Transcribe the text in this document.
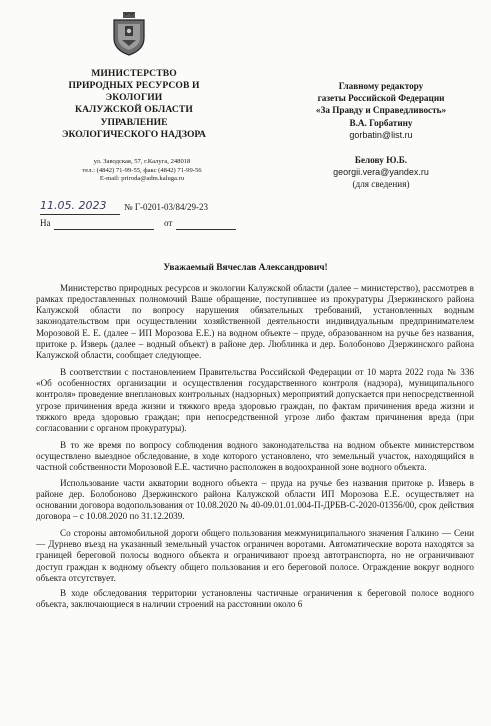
МИНИСТЕРСТВО
ПРИРОДНЫХ РЕСУРСОВ И ЭКОЛОГИИ
КАЛУЖСКОЙ ОБЛАСТИ
УПРАВЛЕНИЕ
ЭКОЛОГИЧЕСКОГО НАДЗОРА
ул. Заводская, 57, г.Калуга, 248018
тел.: (4842) 71-99-55, факс (4842) 71-99-56
E-mail: priroda@adm.kaluga.ru
11.05. 2023 № Г-0201-03/84/29-23
На	от
Главному редактору
газеты Российской Федерации
«За Правду и Справедливость»
В.А. Горбатину
gorbatin@list.ru
Белову Ю.Б.
georgii.vera@yandex.ru
(для сведения)
Уважаемый Вячеслав Александрович!

Министерство природных ресурсов и экологии Калужской области (далее – министерство), рассмотрев в рамках предоставленных полномочий Ваше обращение, поступившее из прокуратуры Дзержинского района Калужской области по вопросу нарушения обязательных требований, установленных водным законодательством при осуществлении хозяйственной деятельности индивидуальным предпринимателем Морозовой Е. Е. (далее – ИП Морозова Е.Е.) на водном объекте – пруде, образованном на ручье без названия, притоке р. Изверь (далее – водный объект) в районе дер. Люблинка и дер. Болобоново Дзержинского района Калужской области, сообщает следующее.

В соответствии с постановлением Правительства Российской Федерации от 10 марта 2022 года № 336 «Об особенностях организации и осуществления государственного контроля (надзора), муниципального контроля» проведение внеплановых контрольных (надзорных) мероприятий допускается при непосредственной угрозе причинения вреда жизни и тяжкого вреда здоровью граждан, по фактам причинения вреда жизни и тяжкого вреда здоровью граждан; при непосредственной угрозе либо фактам причинения вреда (при согласовании с органом прокуратуры).

В то же время по вопросу соблюдения водного законодательства на водном объекте министерством осуществлено выездное обследование, в ходе которого установлено, что земельный участок, находящийся в частной собственности Морозовой Е.Е. частично расположен в водоохранной зоне водного объекта.

Использование части акватории водного объекта – пруда на ручье без названия притоке р. Изверь в районе дер. Болобоново Дзержинского района Калужской области ИП Морозова Е.Е. осуществляет на основании договора водопользования от 10.08.2020 № 40-09.01.01.004-П-ДРБВ-С-2020-01356/00, срок действия договора – с 10.08.2020 по 31.12.2039.

Со стороны автомобильной дороги общего пользования межмуниципального значения Галкино — Сени — Дурнево въезд на указанный земельный участок ограничен воротами. Автоматические ворота находятся за границей береговой полосы водного объекта и ограничивают проезд автотранспорта, но не ограничивают доступ граждан к водному объекту общего пользования и его береговой полосе. Ограждение вокруг водного объекта отсутствует.

В ходе обследования территории установлены частичные ограничения к береговой полосе водного объекта, заключающиеся в наличии строений на расстоянии около 6
